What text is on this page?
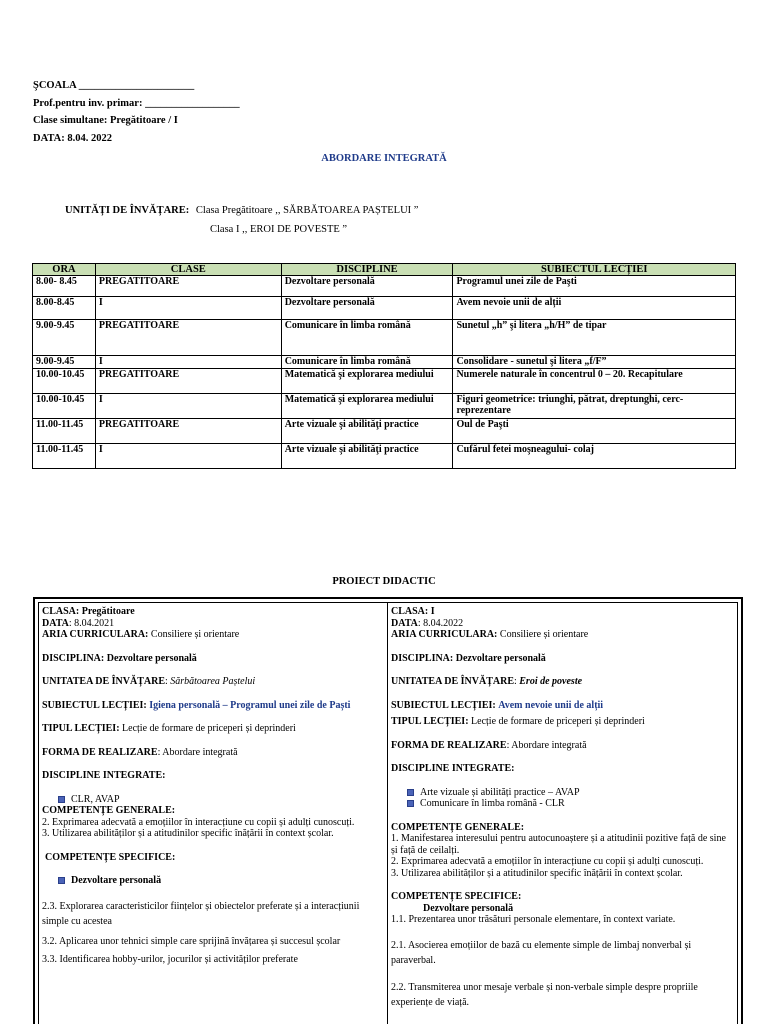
ŞCOALA ______________________
Prof.pentru inv. primar: __________________
Clase simultane: Pregătitoare / I
DATA: 8.04. 2022
ABORDARE INTEGRATĂ
UNITĂȚI DE ÎNVĂȚARE: Clasa Pregătitoare ,, SĂRBĂTOAREA PAȘTELUI ”
Clasa I ,, EROI DE POVESTE ”
ORA	CLASE	DISCIPLINE	SUBIECTUL LECȚIEI
8.00- 8.45	PREGATITOARE	Dezvoltare personală	Programul unei zile de Paşti
8.00-8.45	I	Dezvoltare personală	Avem nevoie unii de alții
9.00-9.45	PREGATITOARE	Comunicare în limba română	Sunetul „h” şi litera „h/H” de tipar
9.00-9.45	I	Comunicare în limba română	Consolidare - sunetul şi litera „f/F”
10.00-10.45	PREGATITOARE	Matematică şi explorarea mediului	Numerele naturale în concentrul 0 – 20. Recapitulare
10.00-10.45	I	Matematică şi explorarea mediului	Figuri geometrice: triunghi, pătrat, dreptunghi, cerc- reprezentare
11.00-11.45	PREGATITOARE	Arte vizuale şi abilităţi practice	Oul de Paşti
11.00-11.45	I	Arte vizuale şi abilităţi practice	Cufărul fetei moşneagului- colaj
PROIECT DIDACTIC
CLASA: Pregătitoare
DATA: 8.04.2021
ARIA CURRICULARA: Consiliere și orientare
DISCIPLINA: Dezvoltare personală
UNITATEA DE ÎNVĂȚARE: Sărbătoarea Paștelui
SUBIECTUL LECȚIEI: Igiena personală – Programul unei zile de Paști
TIPUL LECȚIEI: Lecție de formare de priceperi și deprinderi
FORMA DE REALIZARE: Abordare integrată
DISCIPLINE INTEGRATE:
CLR, AVAP
COMPETENȚE GENERALE:
2. Exprimarea adecvată a emoțiilor în interacțiune cu copii și adulți cunoscuți.
3. Utilizarea abilităților și a atitudinilor specific înățării în context școlar.
COMPETENȚE SPECIFICE:
Dezvoltare personală
2.3. Explorarea caracteristicilor ființelor și obiectelor preferate și a interacțiunii simple cu acestea
3.2. Aplicarea unor tehnici simple care sprijină învățarea și succesul școlar
3.3. Identificarea hobby-urilor, jocurilor și activităților preferate
CLASA: I
DATA: 8.04.2022
ARIA CURRICULARA: Consiliere și orientare
DISCIPLINA: Dezvoltare personală
UNITATEA DE ÎNVĂȚARE: Eroi de poveste
SUBIECTUL LECȚIEI: Avem nevoie unii de alții
TIPUL LECȚIEI: Lecție de formare de priceperi și deprinderi
FORMA DE REALIZARE: Abordare integrată
DISCIPLINE INTEGRATE:
Arte vizuale și abilități practice – AVAP
Comunicare în limba română - CLR
COMPETENȚE GENERALE:
1. Manifestarea interesului pentru autocunoaștere și a atitudinii pozitive față de sine și față de ceilalți.
2. Exprimarea adecvată a emoțiilor în interacțiune cu copii și adulți cunoscuți.
3. Utilizarea abilităților și a atitudinilor specific înățării în context școlar.
COMPETENȚE SPECIFICE:
Dezvoltare personală
1.1. Prezentarea unor trăsături personale elementare, în context variate.
2.1. Asocierea emoțiilor de bază cu elemente simple de limbaj nonverbal și paraverbal.
2.2. Transmiterea unor mesaje verbale și non-verbale simple despre propriile experiențe de viață.
